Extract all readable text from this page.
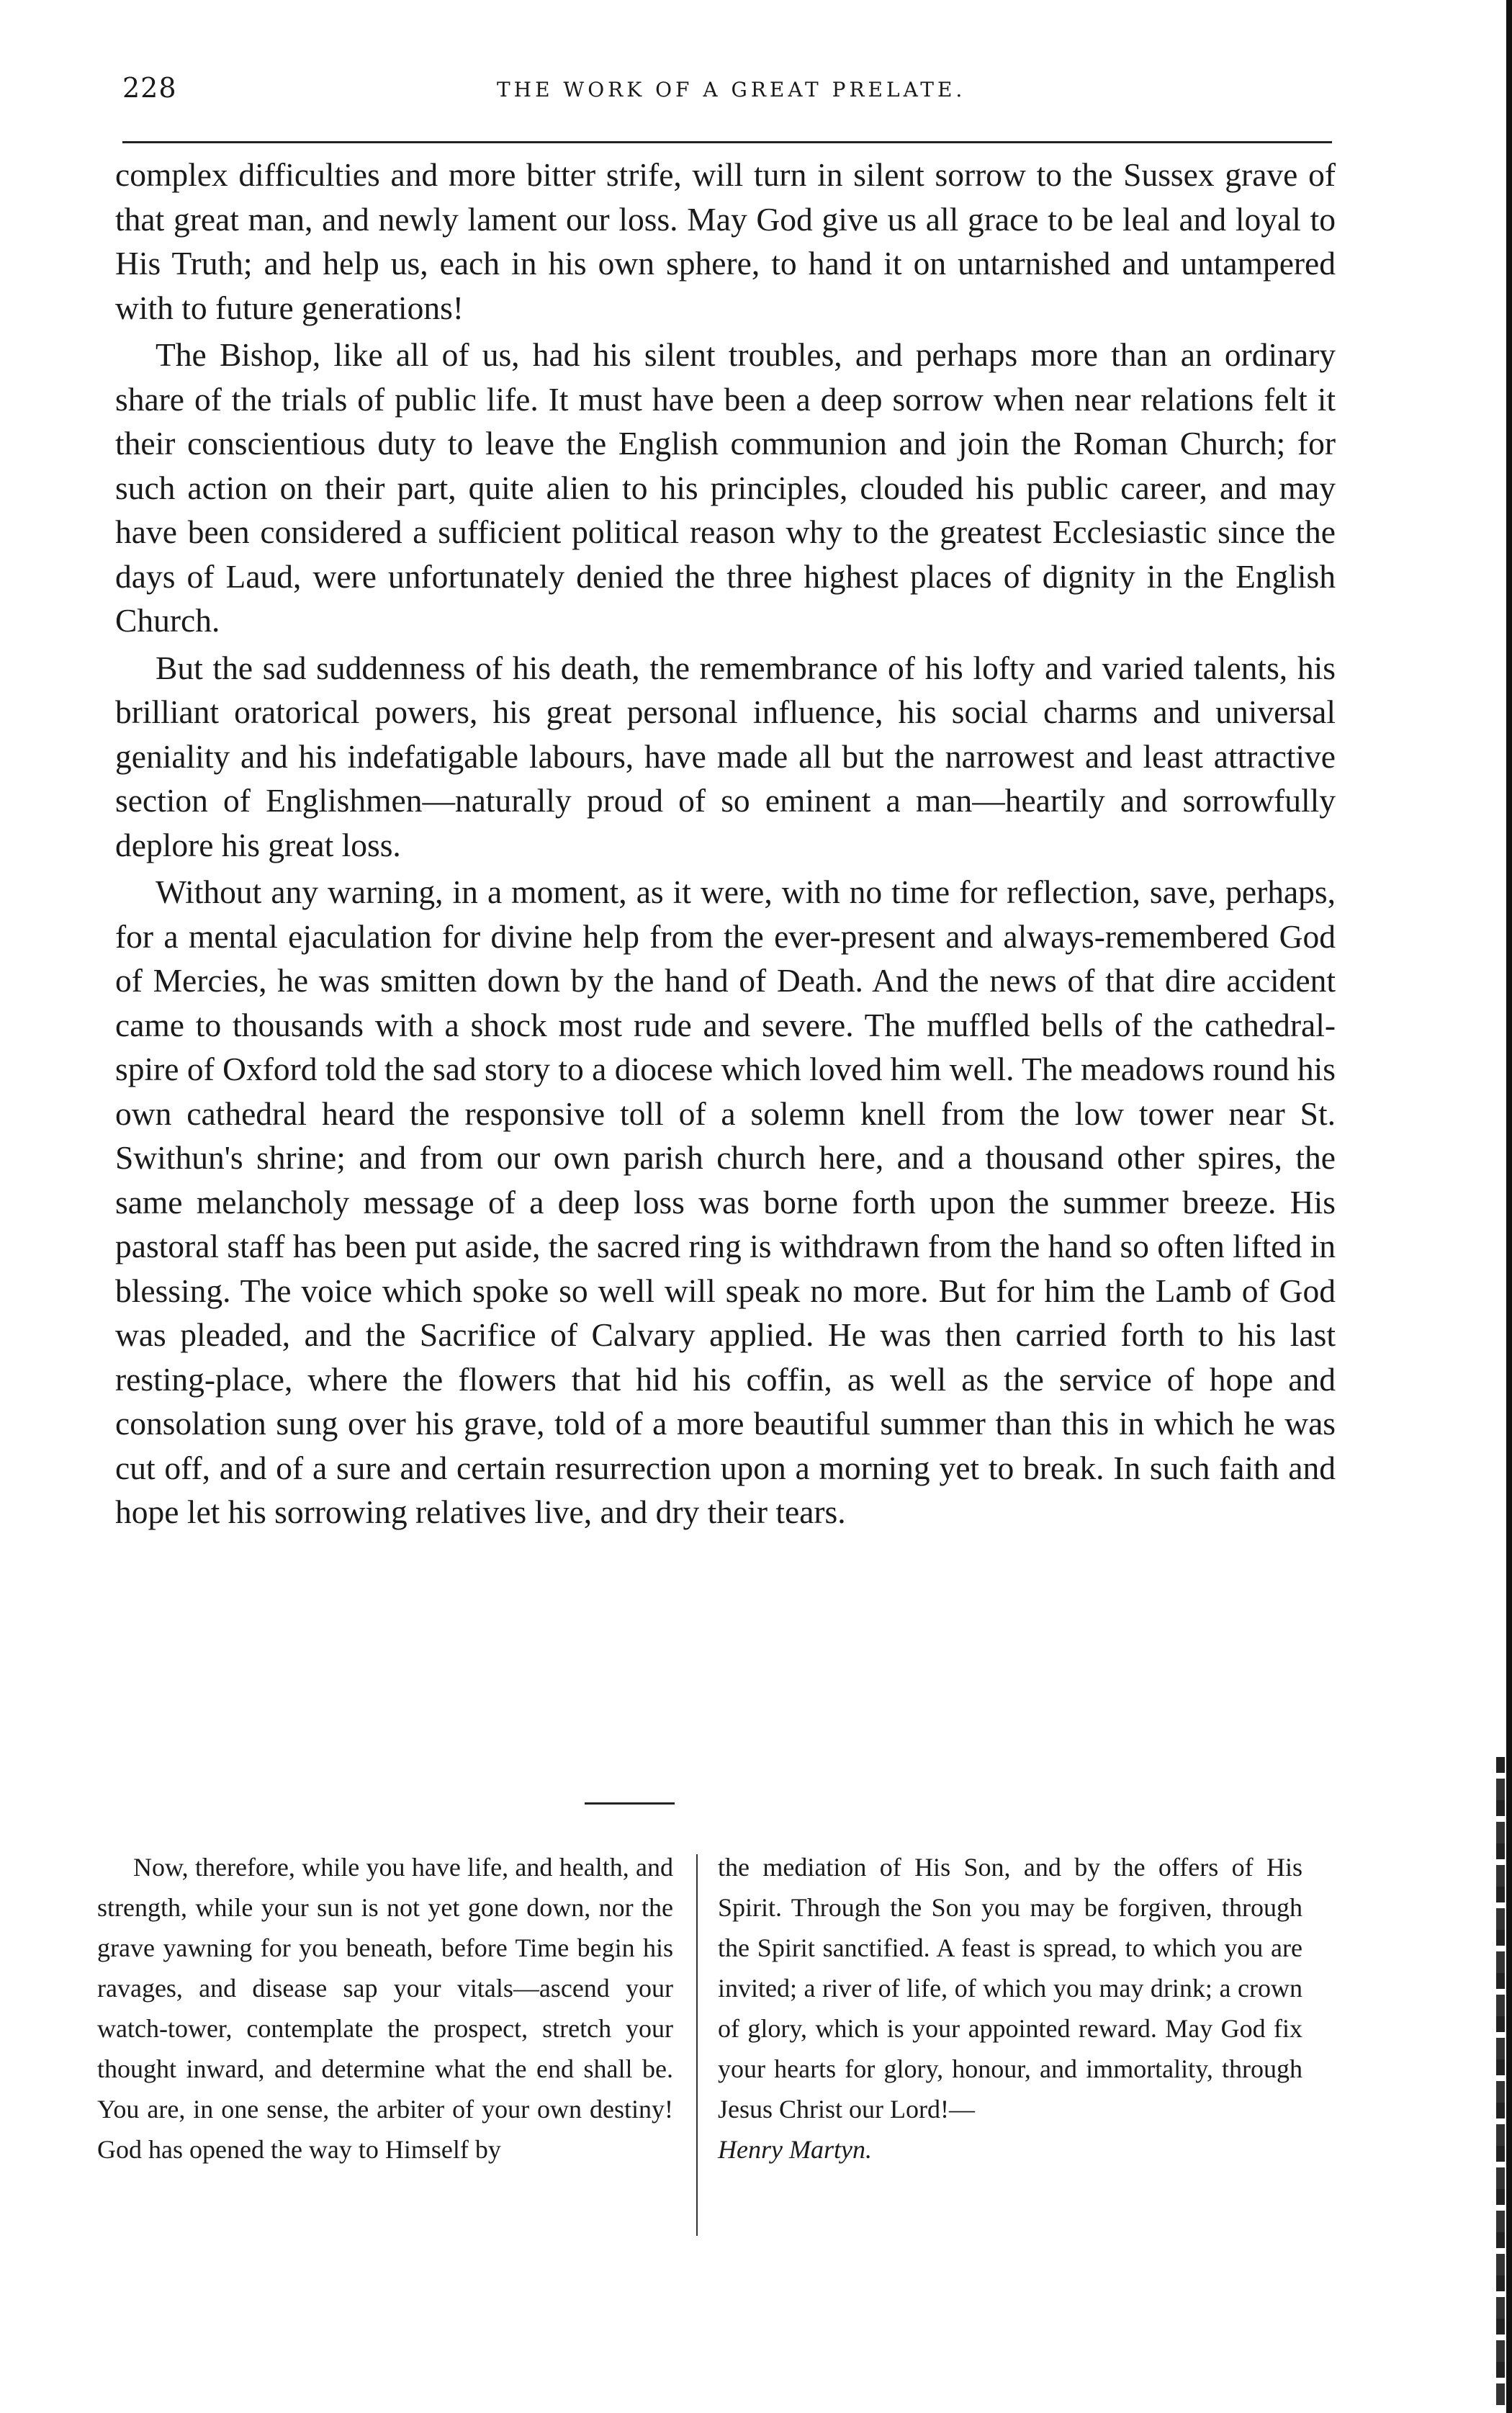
228	THE WORK OF A GREAT PRELATE.

complex difficulties and more bitter strife, will turn in silent sorrow to the Sussex grave of that great man, and newly lament our loss. May God give us all grace to be leal and loyal to His Truth; and help us, each in his own sphere, to hand it on untarnished and untampered with to future generations!

The Bishop, like all of us, had his silent troubles, and perhaps more than an ordinary share of the trials of public life. It must have been a deep sorrow when near relations felt it their conscientious duty to leave the English communion and join the Roman Church; for such action on their part, quite alien to his principles, clouded his public career, and may have been considered a sufficient political reason why to the greatest Ecclesiastic since the days of Laud, were unfortunately denied the three highest places of dignity in the English Church.

But the sad suddenness of his death, the remembrance of his lofty and varied talents, his brilliant oratorical powers, his great personal influence, his social charms and universal geniality and his indefatigable labours, have made all but the narrowest and least attractive section of Englishmen—naturally proud of so eminent a man—heartily and sorrowfully deplore his great loss.

Without any warning, in a moment, as it were, with no time for reflection, save, perhaps, for a mental ejaculation for divine help from the ever-present and always-remembered God of Mercies, he was smitten down by the hand of Death. And the news of that dire accident came to thousands with a shock most rude and severe. The muffled bells of the cathedral-spire of Oxford told the sad story to a diocese which loved him well. The meadows round his own cathedral heard the responsive toll of a solemn knell from the low tower near St. Swithun's shrine; and from our own parish church here, and a thousand other spires, the same melancholy message of a deep loss was borne forth upon the summer breeze. His pastoral staff has been put aside, the sacred ring is withdrawn from the hand so often lifted in blessing. The voice which spoke so well will speak no more. But for him the Lamb of God was pleaded, and the Sacrifice of Calvary applied. He was then carried forth to his last resting-place, where the flowers that hid his coffin, as well as the service of hope and consolation sung over his grave, told of a more beautiful summer than this in which he was cut off, and of a sure and certain resurrection upon a morning yet to break. In such faith and hope let his sorrowing relatives live, and dry their tears.

Now, therefore, while you have life, and health, and strength, while your sun is not yet gone down, nor the grave yawning for you beneath, before Time begin his ravages, and disease sap your vitals—ascend your watch-tower, contemplate the prospect, stretch your thought inward, and determine what the end shall be. You are, in one sense, the arbiter of your own destiny! God has opened the way to Himself by
the mediation of His Son, and by the offers of His Spirit. Through the Son you may be forgiven, through the Spirit sanctified. A feast is spread, to which you are invited; a river of life, of which you may drink; a crown of glory, which is your appointed reward. May God fix your hearts for glory, honour, and immortality, through Jesus Christ our Lord!—
Henry Martyn.
